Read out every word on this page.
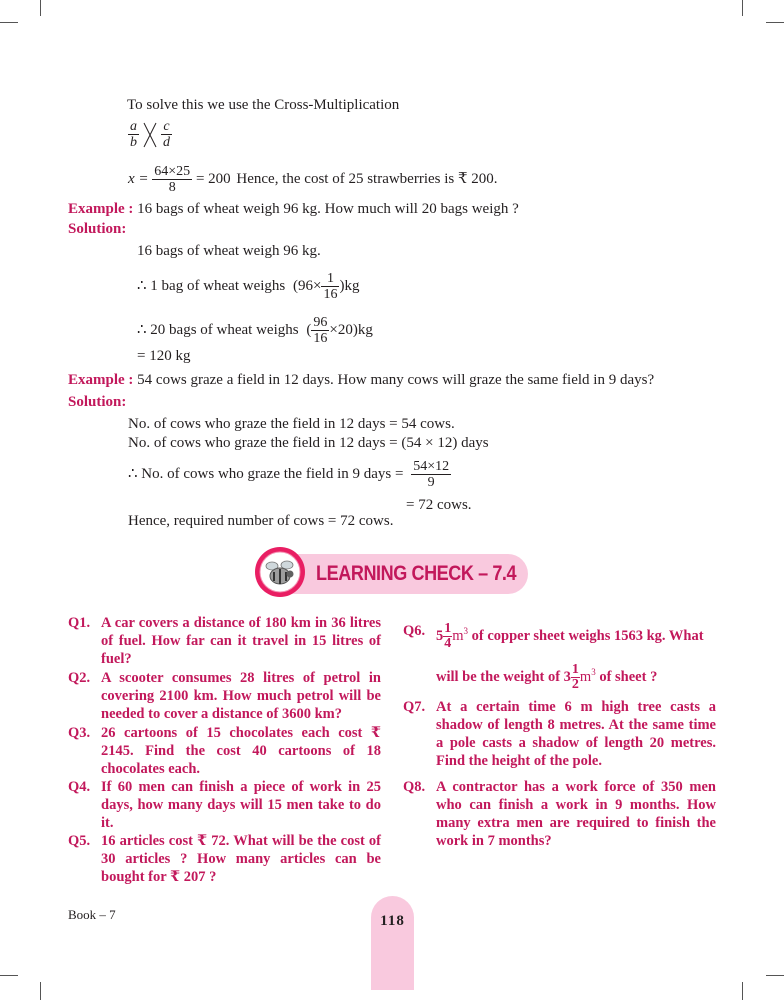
To solve this we use the Cross-Multiplication
$\frac{a}{b}$
$\frac{c}{d}$
$x = \frac{64\times 25}{8} = 200$ Hence, the cost of 25 strawberries is ₹ 200.
Example : 16 bags of wheat weigh 96 kg. How much will 20 bags weigh ?
Solution:
16 bags of wheat weigh 96 kg.
∴ 1 bag of wheat weighs $(96\times \frac{1}{16} )kg$
∴ 20 bags of wheat weighs ( $\frac{96}{16} \times 20)kg$
= 120 kg
Example : 54 cows graze a field in 12 days. How many cows will graze the same field in 9 days?
Solution:
No. of cows who graze the field in 12 days = 54 cows.
No. of cows who graze the field in 12 days = (54 × 12) days
∴ No. of cows who graze the field in 9 days = $\frac{54\times 12}{9}$
= 72 cows.
Hence, required number of cows = 72 cows.
LEARNING CHECK – 7.4
Q1. A car covers a distance of 180 km in 36 litres of fuel. How far can it travel in 15 litres of fuel?
Q2. A scooter consumes 28 litres of petrol in covering 2100 km. How much petrol will be needed to cover a distance of 3600 km?
Q3. 26 cartoons of 15 chocolates each cost ₹ 2145. Find the cost 40 cartoons of 18 chocolates each.
Q4. If 60 men can finish a piece of work in 25 days, how many days will 15 men take to do it.
Q5. 16 articles cost ₹ 72. What will be the cost of 30 articles ? How many articles can be bought for ₹ 207 ?
Q6. $5 \frac{1}{4} m^3$ of copper sheet weighs 1563 kg. What
will be the weight of $3 \frac{1}{2} m^3$ of sheet ?
Q7. At a certain time 6 m high tree casts a shadow of length 8 metres. At the same time a pole casts a shadow of length 20 metres. Find the height of the pole.
Q8. A contractor has a work force of 350 men who can finish a work in 9 months. How many extra men are required to finish the work in 7 months?
Book – 7	118
